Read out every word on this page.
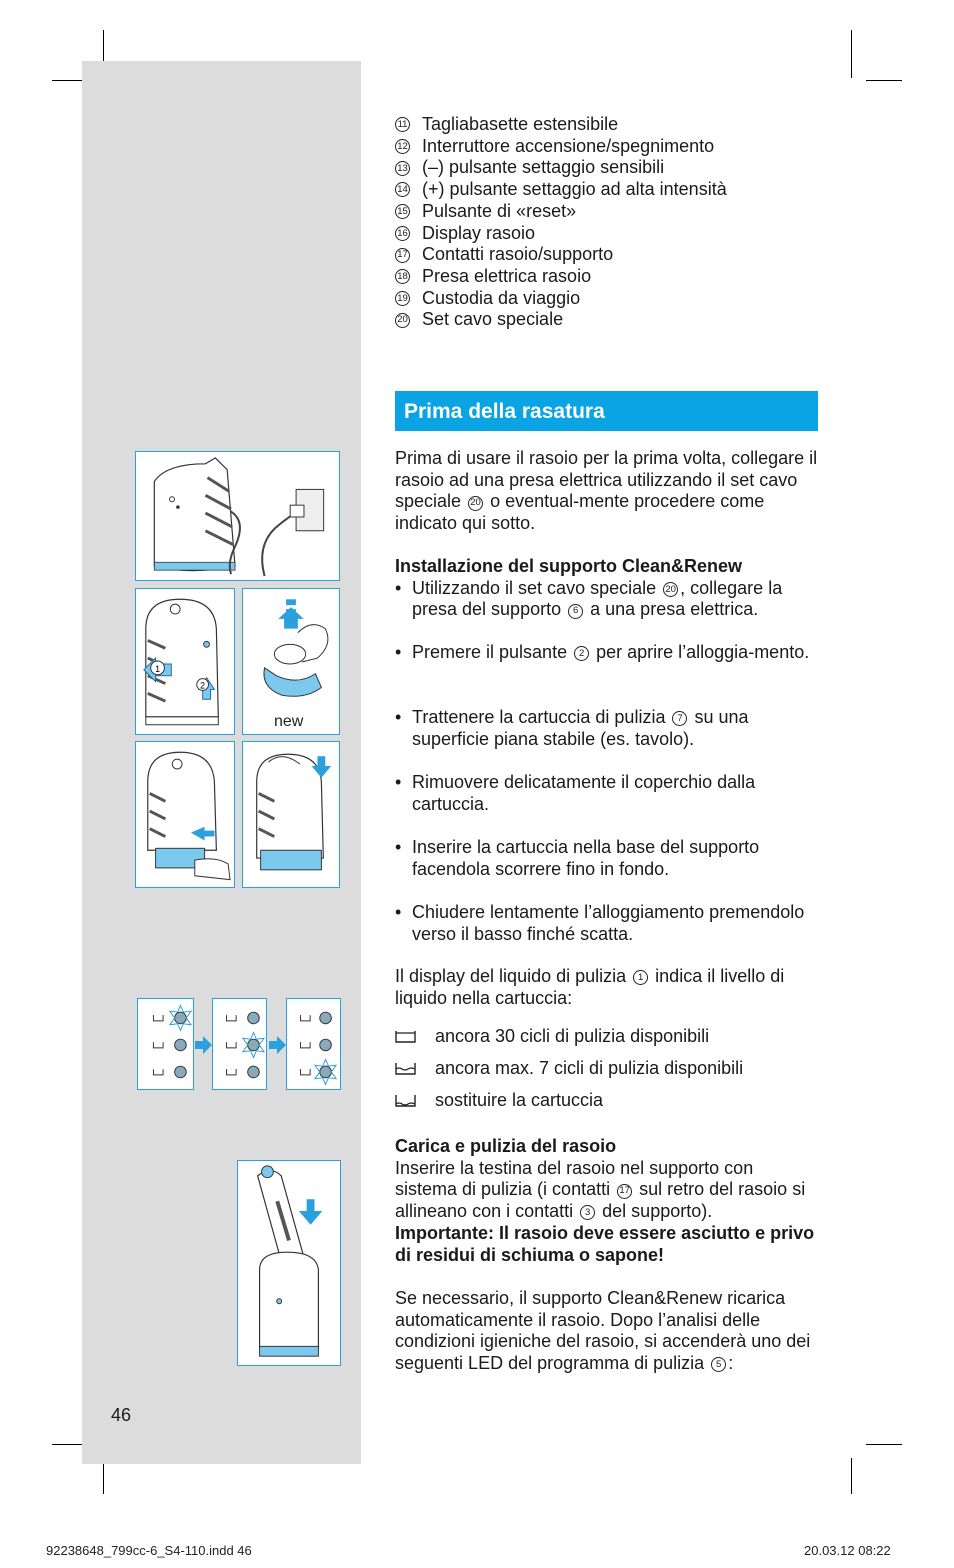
1
2
new
11 Tagliabasette estensibile
12 Interruttore accensione/spegnimento
13 (–) pulsante settaggio sensibili
14 (+) pulsante settaggio ad alta intensità
15 Pulsante di «reset»
16 Display rasoio
17 Contatti rasoio/supporto
18 Presa elettrica rasoio
19 Custodia da viaggio
20 Set cavo speciale
Prima della rasatura

Prima di usare il rasoio per la prima volta, collegare il rasoio ad una presa elettrica utilizzando il set cavo speciale 20 o eventual-mente procedere come indicato qui sotto.

Installazione del supporto Clean&Renew

• Utilizzando il set cavo speciale 20 , collegare la presa del supporto 6 a una presa elettrica.
• Premere il pulsante 2 per aprire l’alloggia-mento.
• Trattenere la cartuccia di pulizia 7 su una superficie piana stabile (es. tavolo).
• Rimuovere delicatamente il coperchio dalla cartuccia.
• Inserire la cartuccia nella base del supporto facendola scorrere fino in fondo.
• Chiudere lentamente l’alloggiamento premendolo verso il basso finché scatta.

Il display del liquido di pulizia 1 indica il livello di liquido nella cartuccia:

ancora 30 cicli di pulizia disponibili
ancora max. 7 cicli di pulizia disponibili
sostituire la cartuccia

Carica e pulizia del rasoio

Inserire la testina del rasoio nel supporto con sistema di pulizia (i contatti 17 sul retro del rasoio si allineano con i contatti 3 del supporto).

Importante: Il rasoio deve essere asciutto e privo di residui di schiuma o sapone!

Se necessario, il supporto Clean&Renew ricarica automaticamente il rasoio. Dopo l’analisi delle condizioni igieniche del rasoio, si accenderà uno dei seguenti LED del programma di pulizia 5 :

46
92238648_799cc-6_S4-110.indd 46	20.03.12 08:22
